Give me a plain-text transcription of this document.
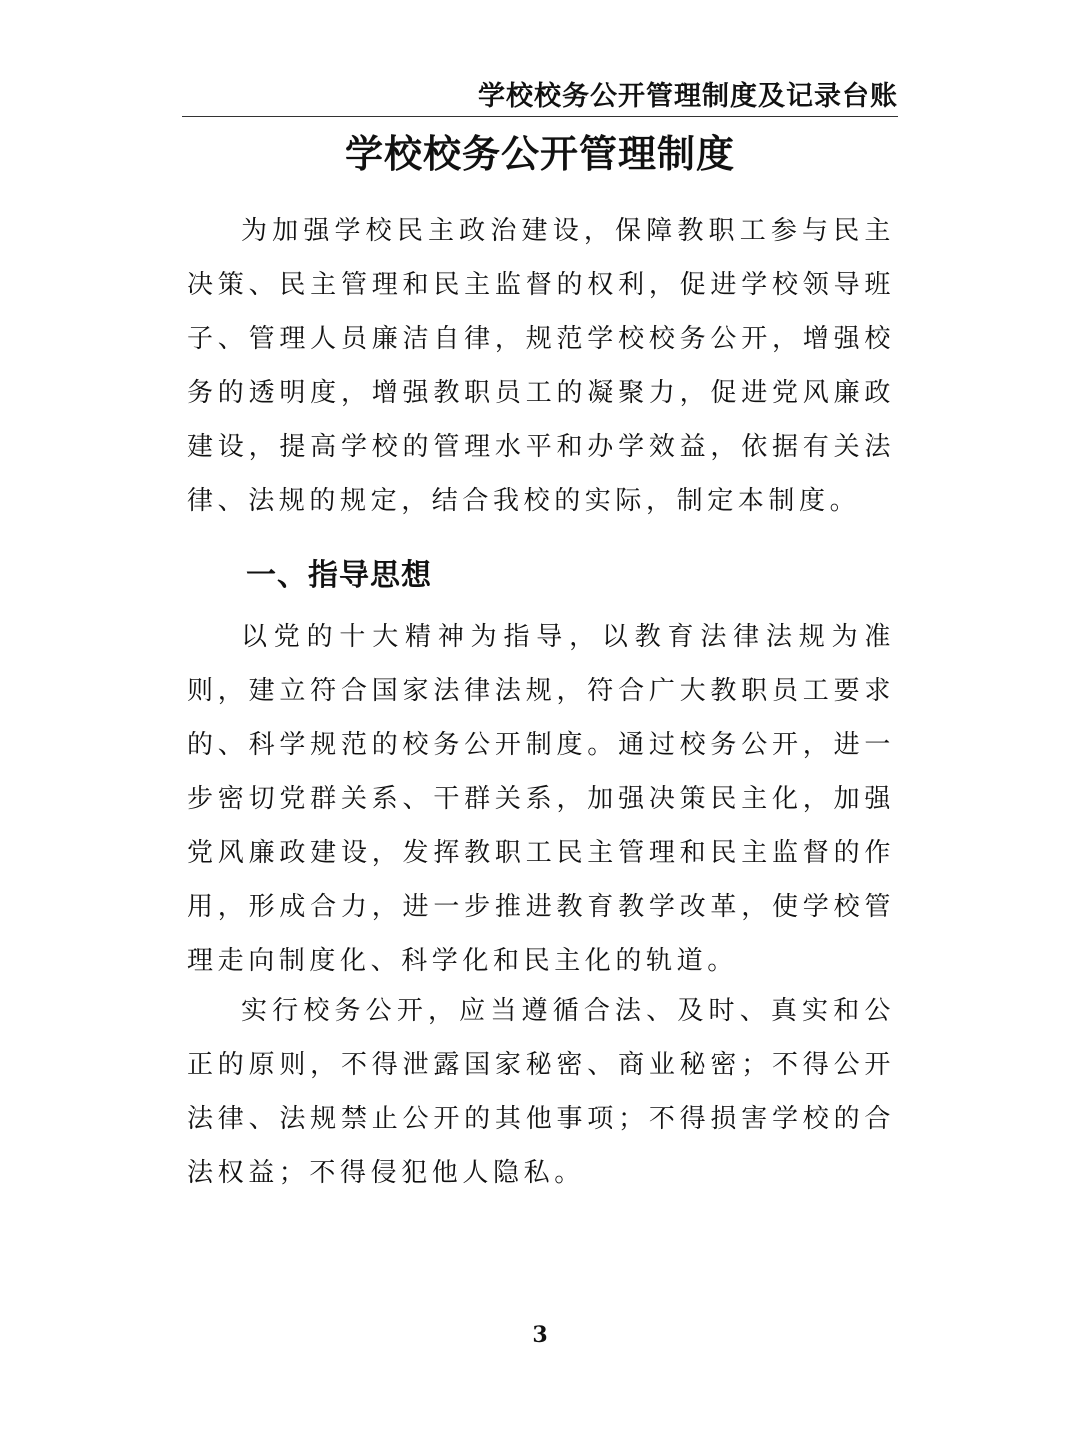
学校校务公开管理制度及记录台账
学校校务公开管理制度

为加强学校民主政治建设，保障教职工参与民主决策、民主管理和民主监督的权利，促进学校领导班子、管理人员廉洁自律，规范学校校务公开，增强校务的透明度，增强教职员工的凝聚力，促进党风廉政建设，提高学校的管理水平和办学效益，依据有关法律、法规的规定，结合我校的实际，制定本制度。

一、指导思想

以党的十大精神为指导，以教育法律法规为准则，建立符合国家法律法规，符合广大教职员工要求的、科学规范的校务公开制度。通过校务公开，进一步密切党群关系、干群关系，加强决策民主化，加强党风廉政建设，发挥教职工民主管理和民主监督的作用，形成合力，进一步推进教育教学改革，使学校管理走向制度化、科学化和民主化的轨道。

实行校务公开，应当遵循合法、及时、真实和公正的原则，不得泄露国家秘密、商业秘密；不得公开法律、法规禁止公开的其他事项；不得损害学校的合法权益；不得侵犯他人隐私。

3
